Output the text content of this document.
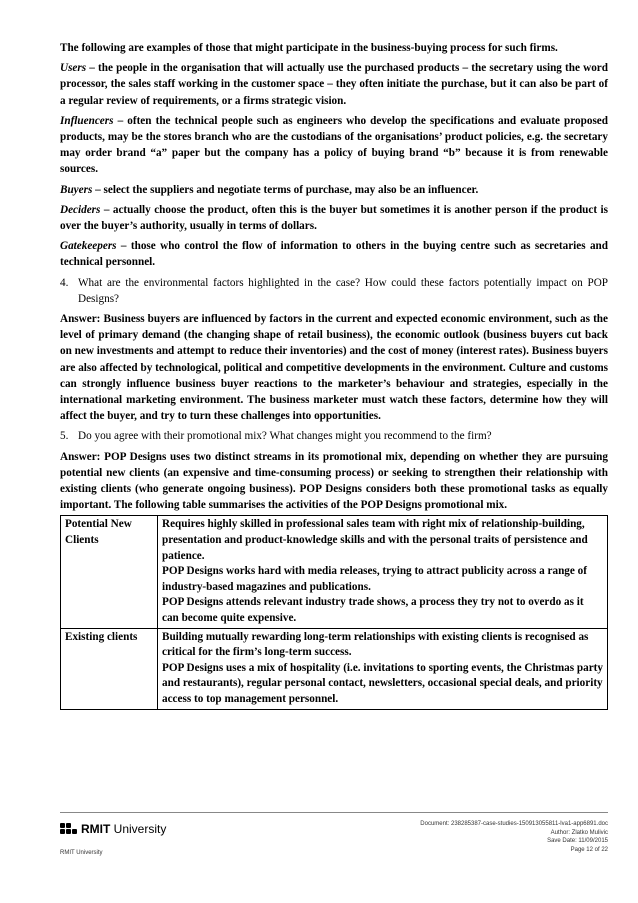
The following are examples of those that might participate in the business-buying process for such firms.

Users – the people in the organisation that will actually use the purchased products – the secretary using the word processor, the sales staff working in the customer space – they often initiate the purchase, but it can also be part of a regular review of requirements, or a firms strategic vision.

Influencers – often the technical people such as engineers who develop the specifications and evaluate proposed products, may be the stores branch who are the custodians of the organisations’ product policies, e.g. the secretary may order brand “a” paper but the company has a policy of buying brand “b” because it is from renewable sources.

Buyers – select the suppliers and negotiate terms of purchase, may also be an influencer.

Deciders – actually choose the product, often this is the buyer but sometimes it is another person if the product is over the buyer’s authority, usually in terms of dollars.

Gatekeepers – those who control the flow of information to others in the buying centre such as secretaries and technical personnel.

4. What are the environmental factors highlighted in the case? How could these factors potentially impact on POP Designs?

Answer: Business buyers are influenced by factors in the current and expected economic environment, such as the level of primary demand (the changing shape of retail business), the economic outlook (business buyers cut back on new investments and attempt to reduce their inventories) and the cost of money (interest rates). Business buyers are also affected by technological, political and competitive developments in the environment. Culture and customs can strongly influence business buyer reactions to the marketer’s behaviour and strategies, especially in the international marketing environment. The business marketer must watch these factors, determine how they will affect the buyer, and try to turn these challenges into opportunities.

5. Do you agree with their promotional mix? What changes might you recommend to the firm?

Answer: POP Designs uses two distinct streams in its promotional mix, depending on whether they are pursuing potential new clients (an expensive and time-consuming process) or seeking to strengthen their relationship with existing clients (who generate ongoing business). POP Designs considers both these promotional tasks as equally important. The following table summarises the activities of the POP Designs promotional mix.

Potential New Clients	Requires highly skilled in professional sales team with right mix of relationship-building, presentation and product-knowledge skills and with the personal traits of persistence and patience.
POP Designs works hard with media releases, trying to attract publicity across a range of industry-based magazines and publications.
POP Designs attends relevant industry trade shows, a process they try not to overdo as it can become quite expensive.

Existing clients	Building mutually rewarding long-term relationships with existing clients is recognised as critical for the firm’s long-term success.
POP Designs uses a mix of hospitality (i.e. invitations to sporting events, the Christmas party and restaurants), regular personal contact, newsletters, occasional special deals, and priority access to top management personnel.
RMIT University	Document: 238285387-case-studies-150913055811-lva1-app6891.doc
Author: Zlatko Mulivic
Save Date: 11/09/2015
Page 12 of 22
RMIT University
